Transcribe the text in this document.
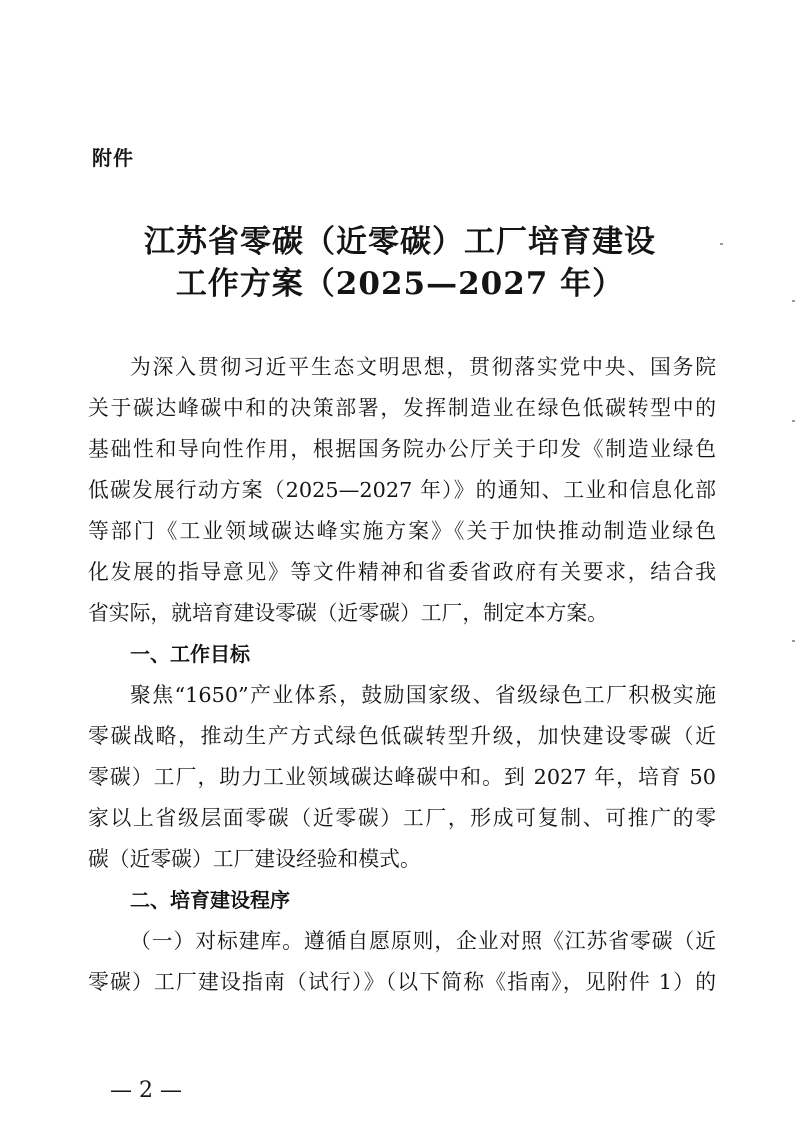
附件
江苏省零碳（近零碳）工厂培育建设
工作方案（2025—2027 年）
为深入贯彻习近平生态文明思想，贯彻落实党中央、国务院
关于碳达峰碳中和的决策部署，发挥制造业在绿色低碳转型中的
基础性和导向性作用，根据国务院办公厅关于印发《制造业绿色
低碳发展行动方案（2025—2027 年）》的通知、工业和信息化部
等部门《工业领域碳达峰实施方案》《关于加快推动制造业绿色
化发展的指导意见》等文件精神和省委省政府有关要求，结合我
省实际，就培育建设零碳（近零碳）工厂，制定本方案。
一、工作目标
聚焦“1650”产业体系，鼓励国家级、省级绿色工厂积极实施
零碳战略，推动生产方式绿色低碳转型升级，加快建设零碳（近
零碳）工厂，助力工业领域碳达峰碳中和。到 2027 年，培育 50
家以上省级层面零碳（近零碳）工厂，形成可复制、可推广的零
碳（近零碳）工厂建设经验和模式。
二、培育建设程序
（一）对标建库。遵循自愿原则，企业对照《江苏省零碳（近
零碳）工厂建设指南（试行）》（以下简称《指南》，见附件 1）的
— 2 —
